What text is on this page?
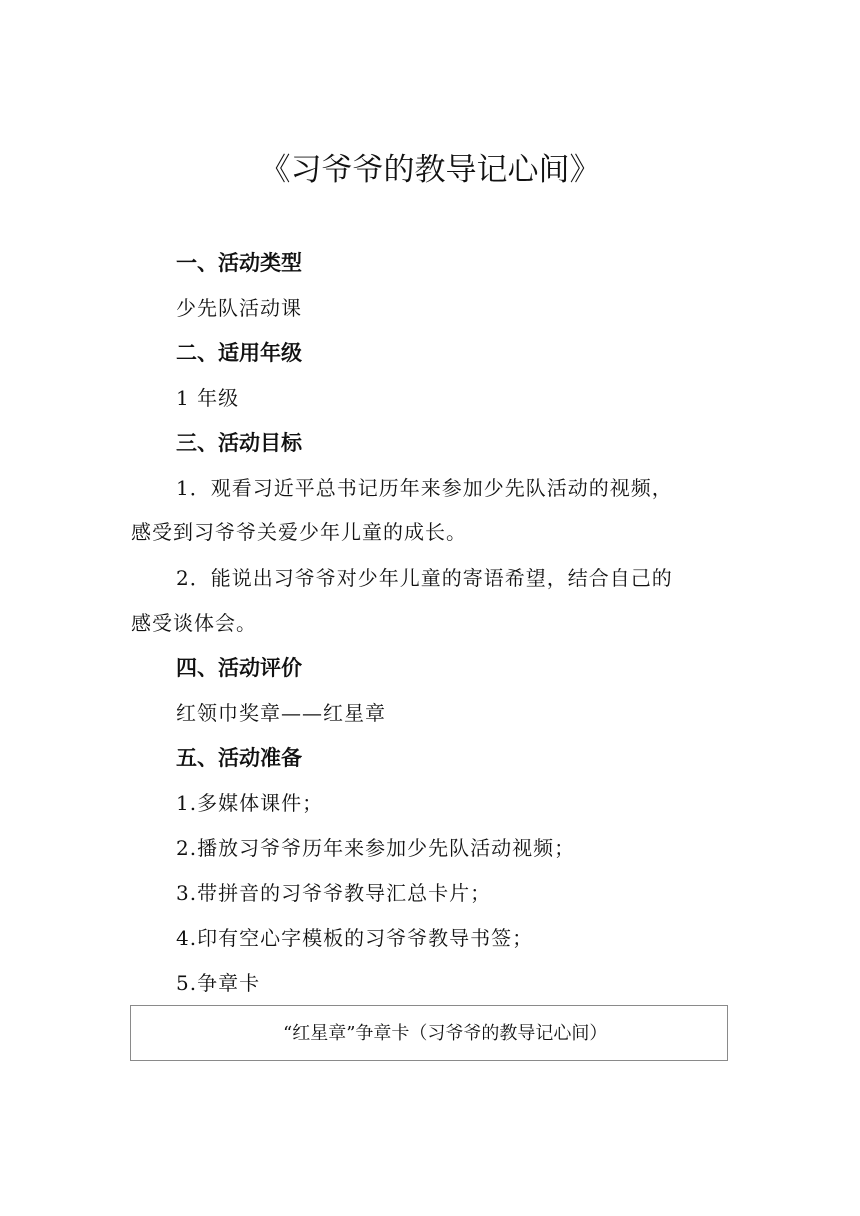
《习爷爷的教导记心间》
一、活动类型
少先队活动课
二、适用年级
1 年级
三、活动目标
1．观看习近平总书记历年来参加少先队活动的视频，
感受到习爷爷关爱少年儿童的成长。
2．能说出习爷爷对少年儿童的寄语希望，结合自己的
感受谈体会。
四、活动评价
红领巾奖章——红星章
五、活动准备
1.多媒体课件；
2.播放习爷爷历年来参加少先队活动视频；
3.带拼音的习爷爷教导汇总卡片；
4.印有空心字模板的习爷爷教导书签；
5.争章卡
“红星章”争章卡（习爷爷的教导记心间）
